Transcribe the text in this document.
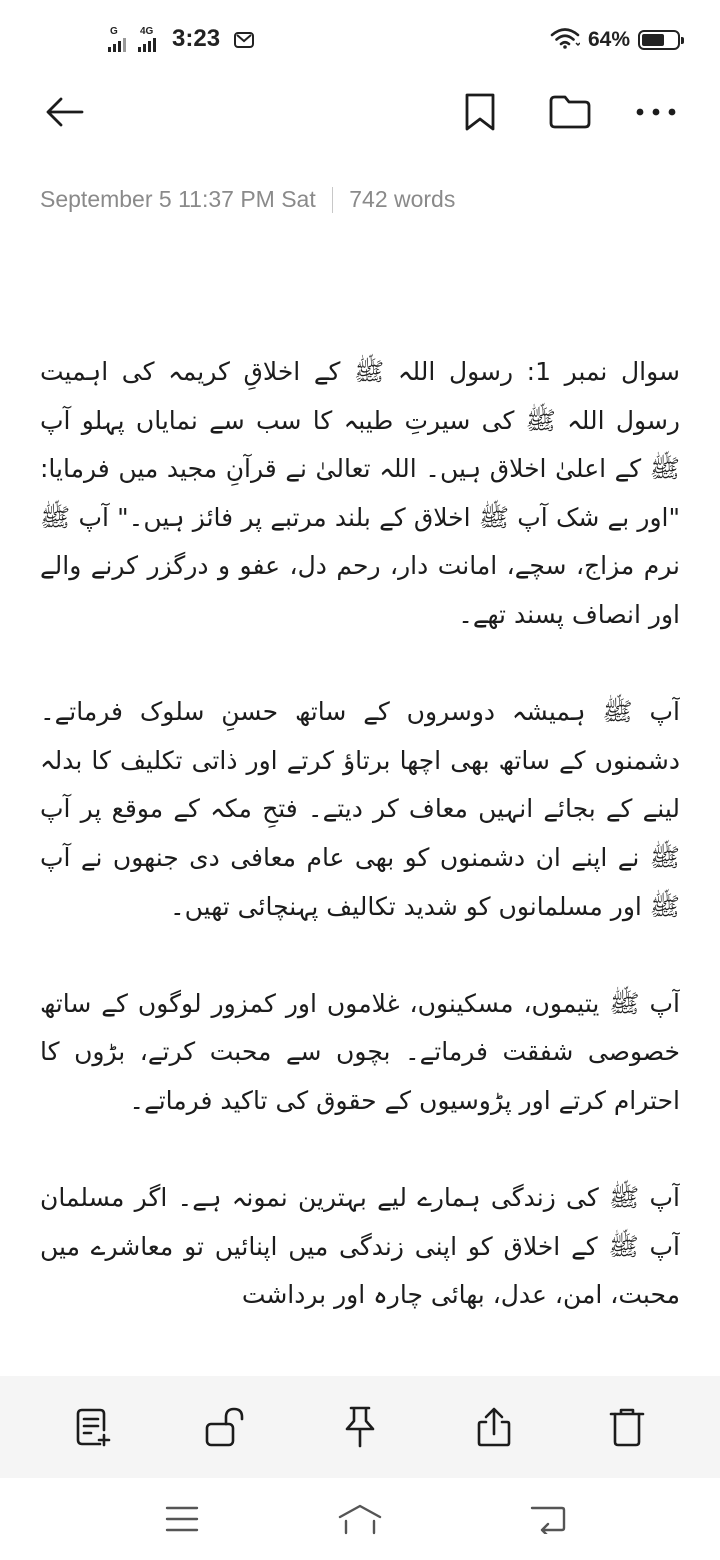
G 4G 3:23	64%
September 5 11:37 PM Sat 742 words

سوال نمبر 1: رسول اللہ ﷺ کے اخلاقِ کریمہ کی اہمیت رسول اللہ ﷺ کی سیرتِ طیبہ کا سب سے نمایاں پہلو آپ ﷺ کے اعلیٰ اخلاق ہیں۔ اللہ تعالیٰ نے قرآنِ مجید میں فرمایا: "اور بے شک آپ ﷺ اخلاق کے بلند مرتبے پر فائز ہیں۔" آپ ﷺ نرم مزاج، سچے، امانت دار، رحم دل، عفو و درگزر کرنے والے اور انصاف پسند تھے۔

آپ ﷺ ہمیشہ دوسروں کے ساتھ حسنِ سلوک فرماتے۔ دشمنوں کے ساتھ بھی اچھا برتاؤ کرتے اور ذاتی تکلیف کا بدلہ لینے کے بجائے انہیں معاف کر دیتے۔ فتحِ مکہ کے موقع پر آپ ﷺ نے اپنے ان دشمنوں کو بھی عام معافی دی جنھوں نے آپ ﷺ اور مسلمانوں کو شدید تکالیف پہنچائی تھیں۔

آپ ﷺ یتیموں، مسکینوں، غلاموں اور کمزور لوگوں کے ساتھ خصوصی شفقت فرماتے۔ بچوں سے محبت کرتے، بڑوں کا احترام کرتے اور پڑوسیوں کے حقوق کی تاکید فرماتے۔

آپ ﷺ کی زندگی ہمارے لیے بہترین نمونہ ہے۔ اگر مسلمان آپ ﷺ کے اخلاق کو اپنی زندگی میں اپنائیں تو معاشرے میں محبت، امن، عدل، بھائی چارہ اور برداشت
